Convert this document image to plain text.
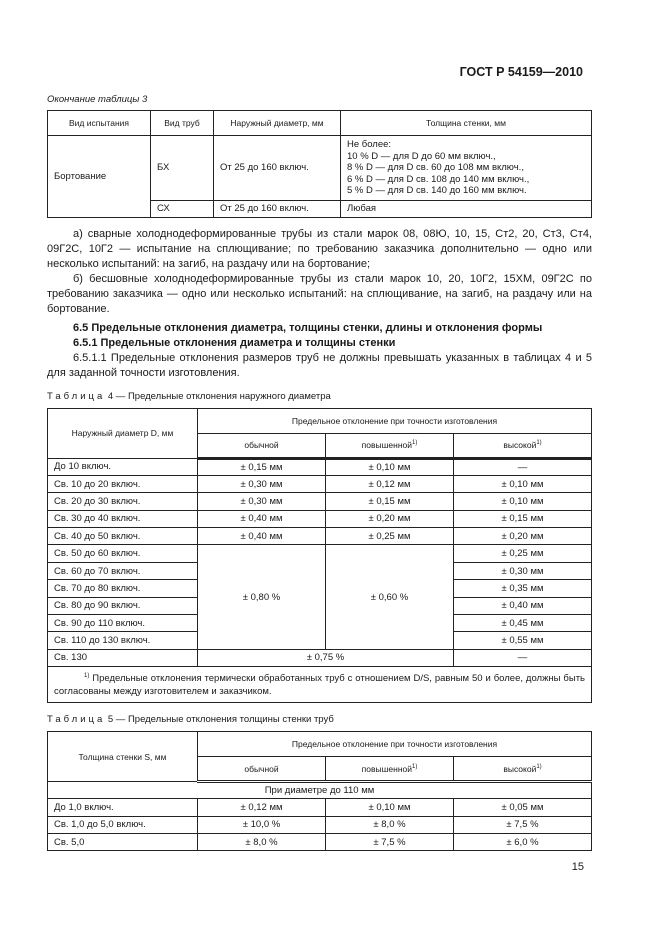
ГОСТ Р 54159—2010
Окончание таблицы 3
Вид испытания	Вид труб	Наружный диаметр, мм	Толщина стенки, мм
Бортование	БХ	От 25 до 160 включ.	Не более:
10 % D — для D до 60 мм включ.,
8 % D — для D св. 60 до 108 мм включ.,
6 % D — для D св. 108 до 140 мм включ.,
5 % D — для D св. 140 до 160 мм включ.

	СХ	От 25 до 160 включ.	Любая

а) сварные холоднодеформированные трубы из стали марок 08, 08Ю, 10, 15, Ст2, 20, Ст3, Ст4, 09Г2С, 10Г2 — испытание на сплющивание; по требованию заказчика дополнительно — одно или несколько испытаний: на загиб, на раздачу или на бортование;

б) бесшовные холоднодеформированные трубы из стали марок 10, 20, 10Г2, 15ХМ, 09Г2С по требованию заказчика — одно или несколько испытаний: на сплющивание, на загиб, на раздачу или на бортование.

6.5 Предельные отклонения диаметра, толщины стенки, длины и отклонения формы

6.5.1 Предельные отклонения диаметра и толщины стенки

6.5.1.1 Предельные отклонения размеров труб не должны превышать указанных в таблицах 4 и 5 для заданной точности изготовления.

Таблица 4 — Предельные отклонения наружного диаметра
Наружный диаметр D, мм	Предельное отклонение при точности изготовления		
	обычной	повышенной$^{1)}$	высокой$^{1)}$
До 10 включ.	± 0,15 мм	± 0,10 мм	—
Св. 10 до 20 включ.	± 0,30 мм	± 0,12 мм	± 0,10 мм
Св. 20 до 30 включ.	± 0,30 мм	± 0,15 мм	± 0,10 мм
Св. 30 до 40 включ.	± 0,40 мм	± 0,20 мм	± 0,15 мм
Св. 40 до 50 включ.	± 0,40 мм	± 0,25 мм	± 0,20 мм
Св. 50 до 60 включ.	± 0,80 %	± 0,60 %	± 0,25 мм
Св. 60 до 70 включ.			± 0,30 мм
Св. 70 до 80 включ.			± 0,35 мм
Св. 80 до 90 включ.			± 0,40 мм
Св. 90 до 110 включ.			± 0,45 мм
Св. 110 до 130 включ.			± 0,55 мм
Св. 130	± 0,75 %		—
$^{1)}$ Предельные отклонения термически обработанных труб с отношением D/S, равным 50 и более, должны быть согласованы между изготовителем и заказчиком.			
Таблица 5 — Предельные отклонения толщины стенки труб
Толщина стенки S, мм	Предельное отклонение при точности изготовления		
	обычной	повышенной$^{1)}$	высокой$^{1)}$
При диаметре до 110 мм			
До 1,0 включ.	± 0,12 мм	± 0,10 мм	± 0,05 мм
Св. 1,0 до 5,0 включ.	± 10,0 %	± 8,0 %	± 7,5 %
Св. 5,0	± 8,0 %	± 7,5 %	± 6,0 %
15
